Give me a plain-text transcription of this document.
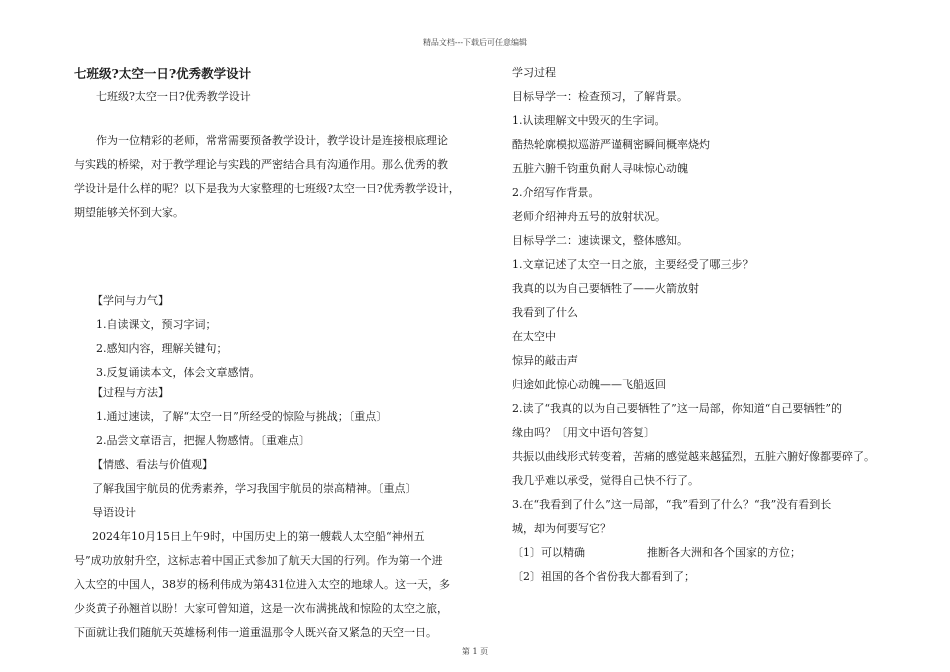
精品文档---下载后可任意编辑

七班级?太空一日?优秀教学设计

七班级?太空一日?优秀教学设计

作为一位精彩的老师，常常需要预备教学设计，教学设计是连接根底理论

与实践的桥梁，对于教学理论与实践的严密结合具有沟通作用。那么优秀的教

学设计是什么样的呢？以下是我为大家整理的七班级?太空一日?优秀教学设计，

期望能够关怀到大家。

【学问与力气】

1.自读课文，预习字词；

2.感知内容，理解关键句；

3.反复诵读本文，体会文章感情。

【过程与方法】

1.通过速读，了解“太空一日”所经受的惊险与挑战；〔重点〕

2.品尝文章语言，把握人物感情。〔重难点〕

【情感、看法与价值观】

了解我国宇航员的优秀素养，学习我国宇航员的崇高精神。〔重点〕

导语设计

2024年10月15日上午9时，中国历史上的第一艘载人太空船“神州五

号”成功放射升空，这标志着中国正式参加了航天大国的行列。作为第一个进

入太空的中国人，38岁的杨利伟成为第431位进入太空的地球人。这一天，多

少炎黄子孙翘首以盼！大家可曾知道，这是一次布满挑战和惊险的太空之旅，

下面就让我们随航天英雄杨利伟一道重温那令人既兴奋又紧急的天空一日。

学习过程

目标导学一：检查预习，了解背景。

1.认读理解文中毁灭的生字词。

酷热轮廓模拟巡游严谨稠密瞬间概率烧灼

五脏六腑千钧重负耐人寻味惊心动魄

2.介绍写作背景。

老师介绍神舟五号的放射状况。

目标导学二：速读课文，整体感知。

1.文章记述了太空一日之旅，主要经受了哪三步？

我真的以为自己要牺牲了——火箭放射

我看到了什么

在太空中

惊异的敲击声

归途如此惊心动魄——飞船返回

2.读了“我真的以为自己要牺牲了”这一局部，你知道“自己要牺牲”的

缘由吗？〔用文中语句答复〕

共振以曲线形式转变着，苦痛的感觉越来越猛烈，五脏六腑好像都要碎了。

我几乎难以承受，觉得自己快不行了。

3.在“我看到了什么”这一局部，“我”看到了什么？“我”没有看到长

城，却为何要写它？

〔1〕可以精确	推断各大洲和各个国家的方位；

〔2〕祖国的各个省份我大都看到了；

第 1 页
